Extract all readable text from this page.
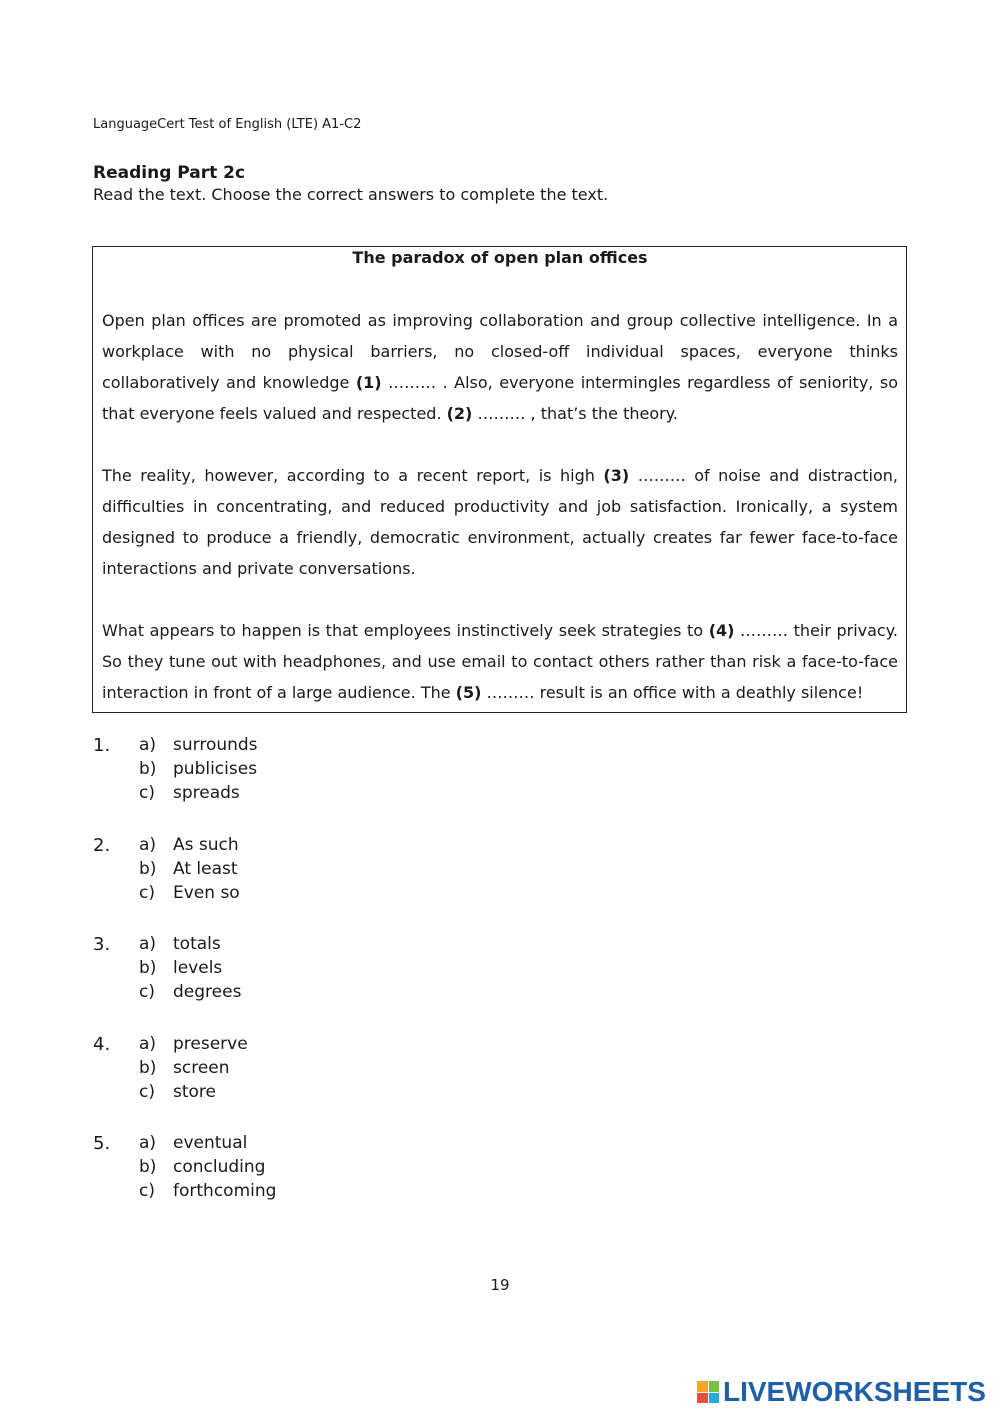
LanguageCert Test of English (LTE) A1-C2
Reading Part 2c
Read the text. Choose the correct answers to complete the text.
The paradox of open plan offices

Open plan offices are promoted as improving collaboration and group collective intelligence. In a workplace with no physical barriers, no closed-off individual spaces, everyone thinks collaboratively and knowledge (1) ……… . Also, everyone intermingles regardless of seniority, so that everyone feels valued and respected. (2) ……… , that’s the theory.

The reality, however, according to a recent report, is high (3) ……… of noise and distraction, difficulties in concentrating, and reduced productivity and job satisfaction. Ironically, a system designed to produce a friendly, democratic environment, actually creates far fewer face-to-face interactions and private conversations.

What appears to happen is that employees instinctively seek strategies to (4) ……… their privacy. So they tune out with headphones, and use email to contact others rather than risk a face-to-face interaction in front of a large audience. The (5) ……… result is an office with a deathly silence!

1. a) surrounds
b) publicises
c) spreads
2. a) As such
b) At least
c) Even so
3. a) totals
b) levels
c) degrees
4. a) preserve
b) screen
c) store
5. a) eventual
b) concluding
c) forthcoming
19
LIVEWORKSHEETS
